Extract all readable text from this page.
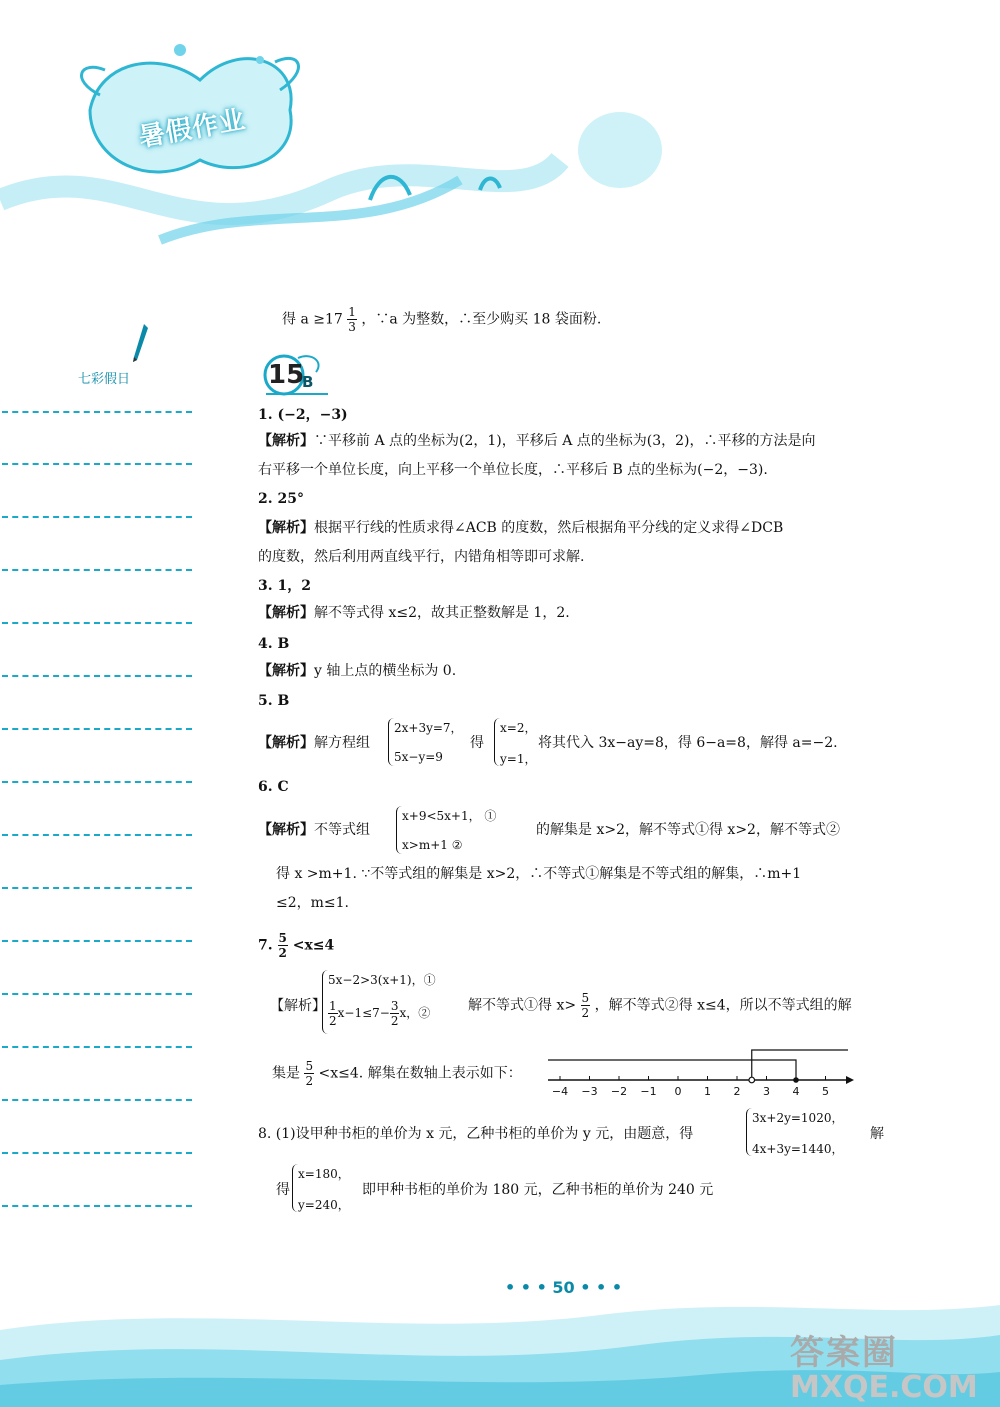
暑假作业
七彩假日
得 $a \ge 17 \frac{1}{3}$ ，∵a 为整数，∴至少购买 18 袋面粉.
15
B
1. (−2，−3)
【解析】∵平移前 A 点的坐标为(2，1)，平移后 A 点的坐标为(3，2)，∴平移的方法是向
右平移一个单位长度，向上平移一个单位长度，∴平移后 B 点的坐标为(−2，−3).
2. 25°
【解析】根据平行线的性质求得∠ACB 的度数，然后根据角平分线的定义求得∠DCB
的度数，然后利用两直线平行，内错角相等即可求解.
3. 1，2
【解析】解不等式得 x≤2，故其正整数解是 1，2.
4. B
【解析】y 轴上点的横坐标为 0.
5. B
【解析】解方程组
2x+3y=7，
5x−y=9
得
x=2，
y=1，
将其代入 3x−ay=8，得 6−a=8，解得 a=−2.
6. C
【解析】不等式组
x+9<5x+1， ①
x>m+1 ②
的解集是 x>2，解不等式①得 x>2，解不等式②
得 x >m+1. ∵不等式组的解集是 x>2，∴不等式①解集是不等式组的解集，∴m+1
≤2，m≤1.
7. $\frac{5}{2} <x\le 4$
【解析】
5x−2>3(x+1)，①
$\frac{1}{2} x-1\le 7- \frac{3}{2}$ x，②	解不等式①得 $x> \frac{5}{2}$ ，解不等式②得 x≤4，所以不等式组的解
集是 $\frac{5}{2} <x\le 4$. 解集在数轴上表示如下：
−4 −3 −2 −1 0 1 2 3 4 5
8. (1)设甲种书柜的单价为 x 元，乙种书柜的单价为 y 元，由题意，得
3x+2y=1020，
4x+3y=1440，
解
得
x=180，
y=240，
即甲种书柜的单价为 180 元，乙种书柜的单价为 240 元
• • • 50 • • •
答案圈
MXQE.COM
